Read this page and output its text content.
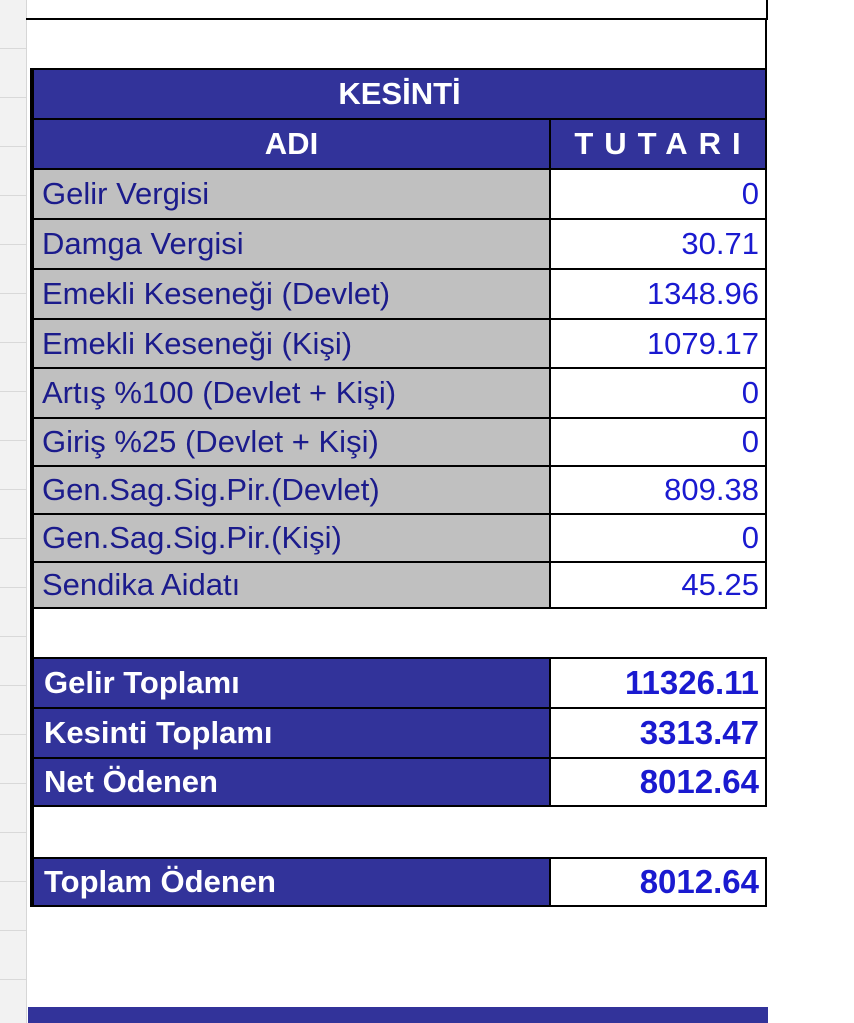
KESİNTİ
ADI	TUTARI
Gelir Vergisi	0
Damga Vergisi	30.71
Emekli Keseneği (Devlet)	1348.96
Emekli Keseneği (Kişi)	1079.17
Artış %100 (Devlet + Kişi)	0
Giriş %25 (Devlet + Kişi)	0
Gen.Sag.Sig.Pir.(Devlet)	809.38
Gen.Sag.Sig.Pir.(Kişi)	0
Sendika Aidatı	45.25
Gelir Toplamı	11326.11
Kesinti Toplamı	3313.47
Net Ödenen	8012.64
Toplam Ödenen	8012.64
